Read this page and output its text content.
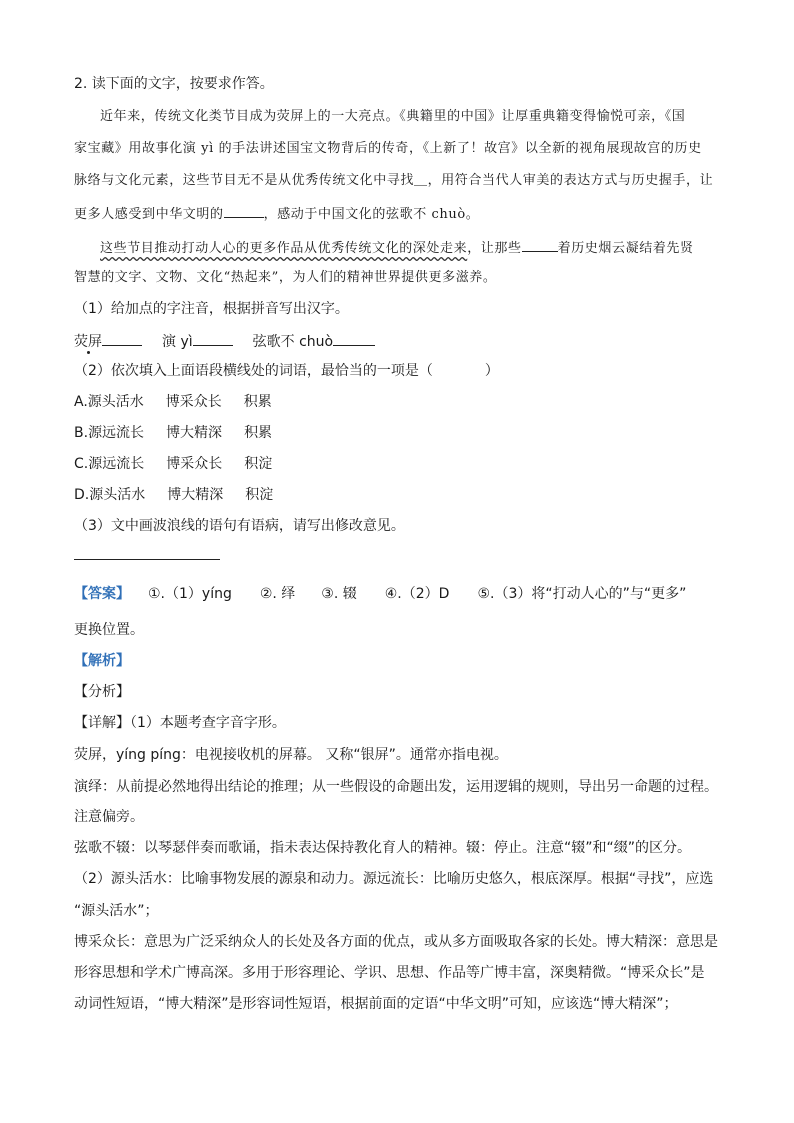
2. 读下面的文字，按要求作答。
近年来，传统文化类节目成为荧屏上的一大亮点。《典籍里的中国》让厚重典籍变得愉悦可亲，《国
家宝藏》用故事化演 yì 的手法讲述国宝文物背后的传奇，《上新了！故宫》以全新的视角展现故宫的历史
脉络与文化元素，这些节目无不是从优秀传统文化中寻找＿，用符合当代人审美的表达方式与历史握手，让
更多人感受到中华文明的	，感动于中国文化的弦歌不 chuò。
这些节目推动打动人心的更多作品从优秀传统文化的深处走来，让那些	着历史烟云凝结着先贤
智慧的文字、文物、文化“热起来”，为人们的精神世界提供更多滋养。
（1）给加点的字注音，根据拼音写出汉字。
荧屏	演 yì	弦歌不 chuò
（2）依次填入上面语段横线处的词语，最恰当的一项是（	）
A.源头活水 博采众长 积累
B.源远流长 博大精深 积累
C.源远流长 博采众长 积淀
D.源头活水 博大精深 积淀
（3）文中画波浪线的语句有语病，请写出修改意见。
【答案】 ①.（1）yíng ②. 绎 ③. 辍 ④.（2）D ⑤.（3）将“打动人心的”与“更多”
更换位置。
【解析】
【分析】
【详解】（1）本题考查字音字形。
荧屏，yíng píng：电视接收机的屏幕。 又称“银屏”。通常亦指电视。
演绎：从前提必然地得出结论的推理；从一些假设的命题出发，运用逻辑的规则，导出另一命题的过程。
注意偏旁。
弦歌不辍：以琴瑟伴奏而歌诵，指未表达保持教化育人的精神。辍：停止。注意“辍”和“缀”的区分。
（2）源头活水：比喻事物发展的源泉和动力。源远流长：比喻历史悠久，根底深厚。根据“寻找”，应选
“源头活水”；
博采众长：意思为广泛采纳众人的长处及各方面的优点，或从多方面吸取各家的长处。博大精深：意思是
形容思想和学术广博高深。多用于形容理论、学识、思想、作品等广博丰富，深奥精微。“博采众长”是
动词性短语，“博大精深”是形容词性短语，根据前面的定语“中华文明”可知，应该选“博大精深”；
